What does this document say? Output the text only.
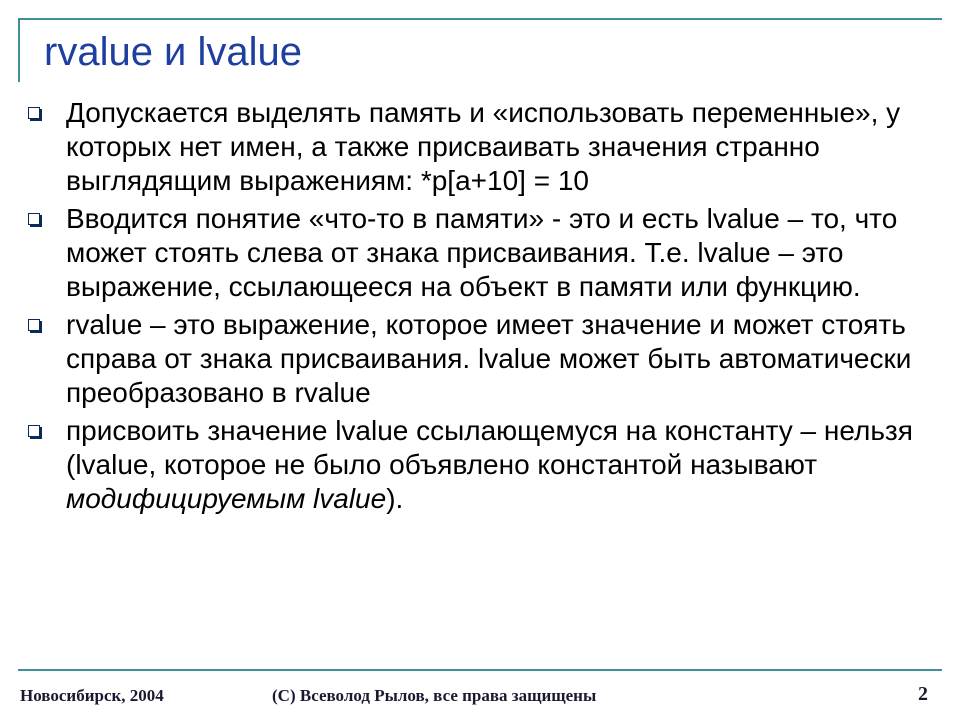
rvalue и lvalue
Допускается выделять память и «использовать переменные», у которых нет имен, а также присваивать значения странно выглядящим выражениям: *p[a+10] = 10
Вводится понятие «что-то в памяти» - это и есть lvalue – то, что может стоять слева от знака присваивания. Т.е. lvalue – это выражение, ссылающееся на объект в памяти или функцию.
rvalue – это выражение, которое имеет значение и может стоять справа от знака присваивания. lvalue может быть автоматически преобразовано в rvalue
присвоить значение lvalue ссылающемуся на константу – нельзя (lvalue, которое не было объявлено константой называют модифицируемым lvalue).
Новосибирск, 2004	(С) Всеволод Рылов, все права защищены	2
